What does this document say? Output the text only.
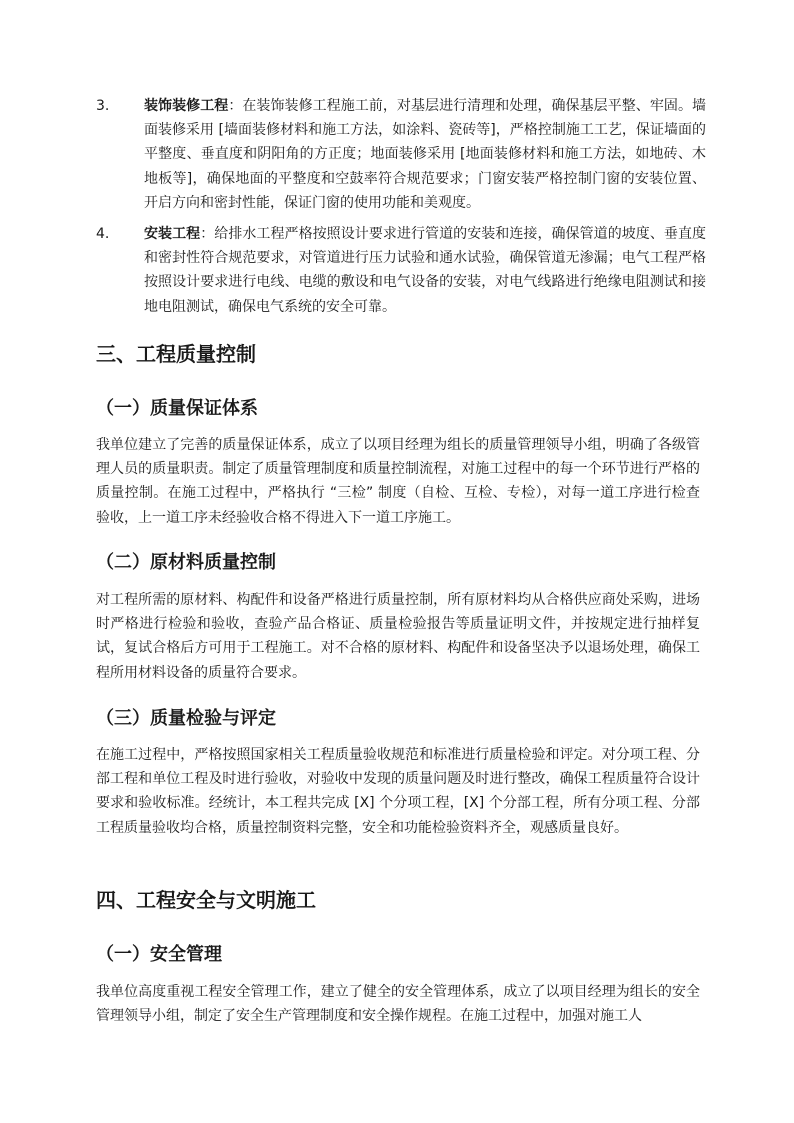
3. 装饰装修工程：在装饰装修工程施工前，对基层进行清理和处理，确保基层平整、牢固。墙面装修采用 [墙面装修材料和施工方法，如涂料、瓷砖等]，严格控制施工工艺，保证墙面的平整度、垂直度和阴阳角的方正度；地面装修采用 [地面装修材料和施工方法，如地砖、木地板等]，确保地面的平整度和空鼓率符合规范要求；门窗安装严格控制门窗的安装位置、开启方向和密封性能，保证门窗的使用功能和美观度。
4. 安装工程：给排水工程严格按照设计要求进行管道的安装和连接，确保管道的坡度、垂直度和密封性符合规范要求，对管道进行压力试验和通水试验，确保管道无渗漏；电气工程严格按照设计要求进行电线、电缆的敷设和电气设备的安装，对电气线路进行绝缘电阻测试和接地电阻测试，确保电气系统的安全可靠。
三、工程质量控制
（一）质量保证体系

我单位建立了完善的质量保证体系，成立了以项目经理为组长的质量管理领导小组，明确了各级管理人员的质量职责。制定了质量管理制度和质量控制流程，对施工过程中的每一个环节进行严格的质量控制。在施工过程中，严格执行 “三检” 制度（自检、互检、专检），对每一道工序进行检查验收，上一道工序未经验收合格不得进入下一道工序施工。

（二）原材料质量控制

对工程所需的原材料、构配件和设备严格进行质量控制，所有原材料均从合格供应商处采购，进场时严格进行检验和验收，查验产品合格证、质量检验报告等质量证明文件，并按规定进行抽样复试，复试合格后方可用于工程施工。对不合格的原材料、构配件和设备坚决予以退场处理，确保工程所用材料设备的质量符合要求。

（三）质量检验与评定

在施工过程中，严格按照国家相关工程质量验收规范和标准进行质量检验和评定。对分项工程、分部工程和单位工程及时进行验收，对验收中发现的质量问题及时进行整改，确保工程质量符合设计要求和验收标准。经统计，本工程共完成 [X] 个分项工程，[X] 个分部工程，所有分项工程、分部工程质量验收均合格，质量控制资料完整，安全和功能检验资料齐全，观感质量良好。

四、工程安全与文明施工
（一）安全管理

我单位高度重视工程安全管理工作，建立了健全的安全管理体系，成立了以项目经理为组长的安全管理领导小组，制定了安全生产管理制度和安全操作规程。在施工过程中，加强对施工人
